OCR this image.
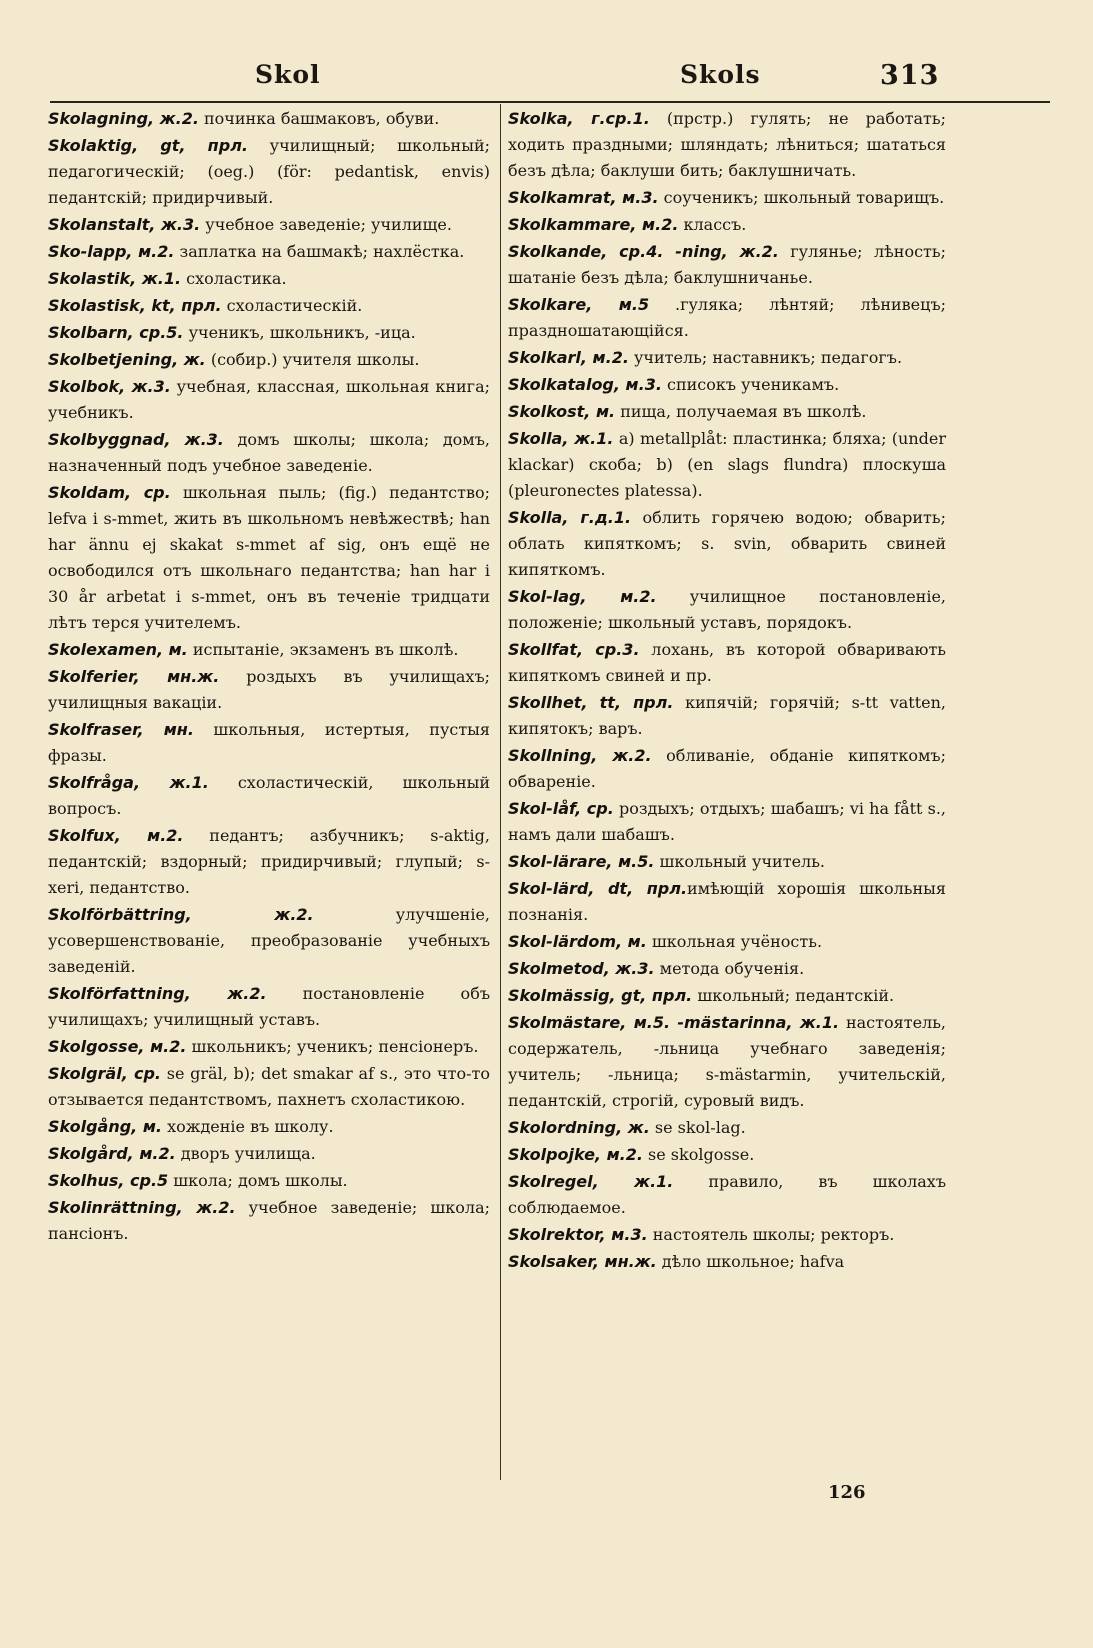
Skol	Skols	313

Skolagning, ж.2. починка башмаковъ, обуви.

Skolaktig, gt, прл. училищный; школьный; педагогическій; (oeg.) (för: pedantisk, envis) педантскій; придирчивый.

Skolanstalt, ж.3. учебное заведеніе; училище.

Sko-lapp, м.2. заплатка на башмакѣ; нахлёстка.

Skolastik, ж.1. схоластика.

Skolastisk, kt, прл. схоластическій.

Skolbarn, ср.5. ученикъ, школьникъ, -ица.

Skolbetjening, ж. (собир.) учителя школы.

Skolbok, ж.3. учебная, классная, школьная книга; учебникъ.

Skolbyggnad, ж.3. домъ школы; школа; домъ, назначенный подъ учебное заведеніе.

Skoldam, ср. школьная пыль; (fig.) педантство; lefva i s-mmet, жить въ школьномъ невѣжествѣ; han har ännu ej skakat s-mmet af sig, онъ ещё не освободился отъ школьнаго педантства; han har i 30 år arbetat i s-mmet, онъ въ теченіе тридцати лѣтъ терся учителемъ.

Skolexamen, м. испытаніе, экзаменъ въ школѣ.

Skolferier, мн.ж. роздыхъ въ училищахъ; училищныя вакаціи.

Skolfraser, мн. школьныя, истертыя, пустыя фразы.

Skolfråga, ж.1. схоластическій, школьный вопросъ.

Skolfux, м.2. педантъ; азбучникъ; s-aktig, педантскій; вздорный; придирчивый; глупый; s-xeri, педантство.

Skolförbättring, ж.2. улучшеніе, усовершенствованіе, преобразованіе учебныхъ заведеній.

Skolförfattning, ж.2. постановленіе объ училищахъ; училищный уставъ.

Skolgosse, м.2. школьникъ; ученикъ; пенсіонеръ.

Skolgräl, ср. se gräl, b); det smakar af s., это что-то отзывается педантствомъ, пахнетъ схоластикою.

Skolgång, м. хожденіе въ школу.

Skolgård, м.2. дворъ училища.

Skolhus, ср.5 школа; домъ школы.

Skolinrättning, ж.2. учебное заведеніе; школа; пансіонъ.

Skolka, г.ср.1. (прстр.) гулять; не работать; ходить праздными; шляндать; лѣниться; шататься безъ дѣла; баклуши бить; баклушничать.

Skolkamrat, м.3. соученикъ; школьный товарищъ.

Skolkammare, м.2. классъ.

Skolkande, ср.4. -ning, ж.2. гулянье; лѣность; шатаніе безъ дѣла; баклушничанье.

Skolkare, м.5 .гуляка; лѣнтяй; лѣнивецъ; праздношатающійся.

Skolkarl, м.2. учитель; наставникъ; педагогъ.

Skolkatalog, м.3. списокъ ученикамъ.

Skolkost, м. пища, получаемая въ школѣ.

Skolla, ж.1. a) metallplåt: пластинка; бляха; (under klackar) скоба; b) (en slags flundra) плоскуша (pleuronectes platessa).

Skolla, г.д.1. облить горячею водою; обварить; облать кипяткомъ; s. svin, обварить свиней кипяткомъ.

Skol-lag, м.2. училищное постановленіе, положеніе; школьный уставъ, порядокъ.

Skollfat, ср.3. лохань, въ которой обваривають кипяткомъ свиней и пр.

Skollhet, tt, прл. кипячій; горячій; s-tt vatten, кипятокъ; варъ.

Skollning, ж.2. обливаніе, обданіе кипяткомъ; обвареніе.

Skol-låf, ср. роздыхъ; отдыхъ; шабашъ; vi ha fått s., намъ дали шабашъ.

Skol-lärare, м.5. школьный учитель.

Skol-lärd, dt, прл.имѣющій хорошія школьныя познанія.

Skol-lärdom, м. школьная учёность.

Skolmetod, ж.3. метода обученія.

Skolmässig, gt, прл. школьный; педантскій.

Skolmästare, м.5. -mästarinna, ж.1. настоятель, содержатель, -льница учебнаго заведенія; учитель; -льница; s-mästarmin, учительскій, педантскій, строгій, суровый видъ.

Skolordning, ж. se skol-lag.

Skolpojke, м.2. se skolgosse.

Skolregel, ж.1. правило, въ школахъ соблюдаемое.

Skolrektor, м.3. настоятель школы; ректоръ.

Skolsaker, мн.ж. дѣло школьное; hafva

126
